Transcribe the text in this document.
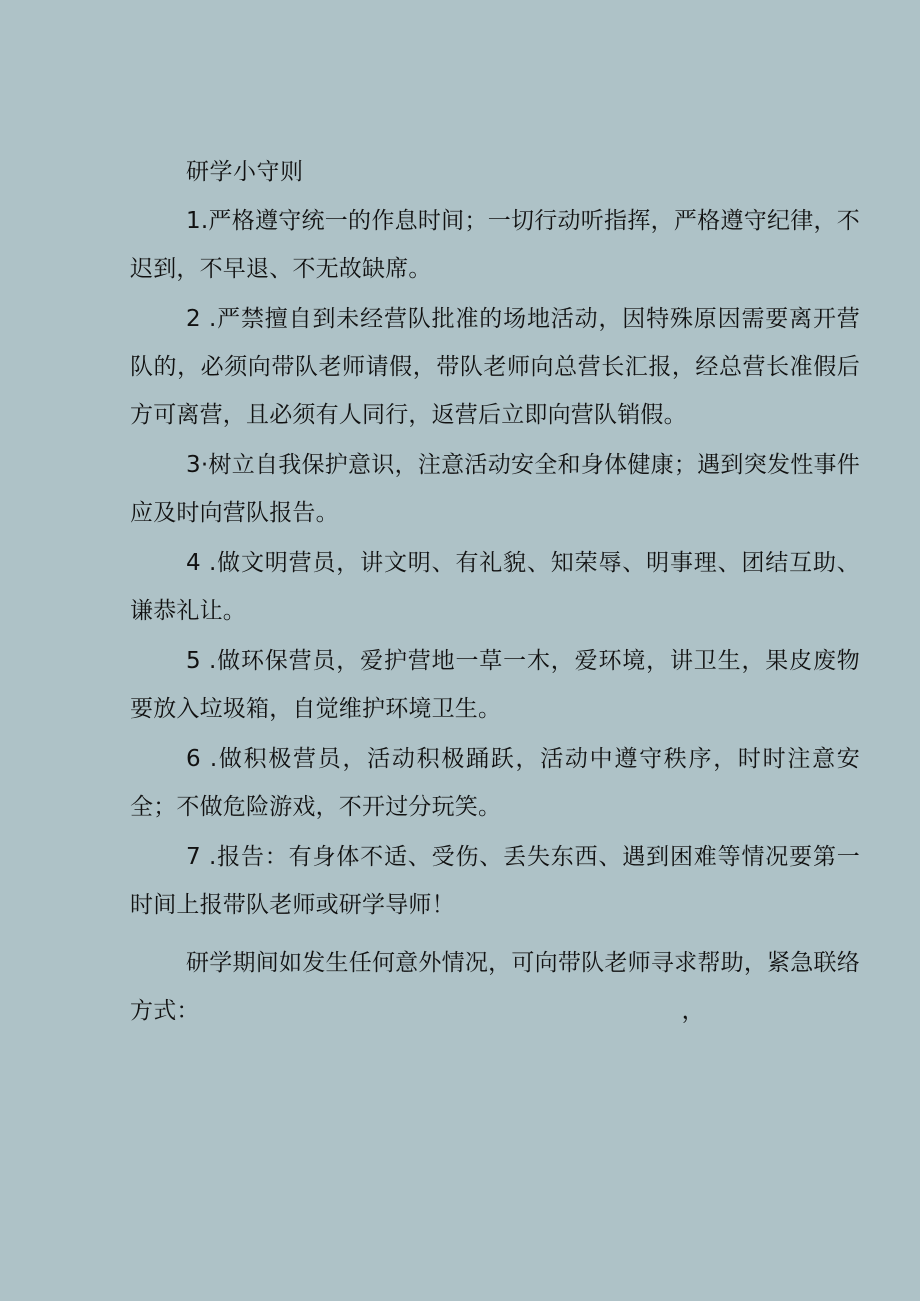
研学小守则

1.严格遵守统一的作息时间；一切行动听指挥，严格遵守纪律，不迟到，不早退、不无故缺席。

2 .严禁擅自到未经营队批准的场地活动，因特殊原因需要离开营队的，必须向带队老师请假，带队老师向总营长汇报，经总营长准假后方可离营，且必须有人同行，返营后立即向营队销假。

3·树立自我保护意识，注意活动安全和身体健康；遇到突发性事件应及时向营队报告。

4 .做文明营员，讲文明、有礼貌、知荣辱、明事理、团结互助、谦恭礼让。

5 .做环保营员，爱护营地一草一木，爱环境，讲卫生，果皮废物要放入垃圾箱，自觉维护环境卫生。

6 .做积极营员，活动积极踊跃，活动中遵守秩序，时时注意安全；不做危险游戏，不开过分玩笑。

7 .报告：有身体不适、受伤、丢失东西、遇到困难等情况要第一时间上报带队老师或研学导师！

研学期间如发生任何意外情况，可向带队老师寻求帮助，紧急联络方式：	，
